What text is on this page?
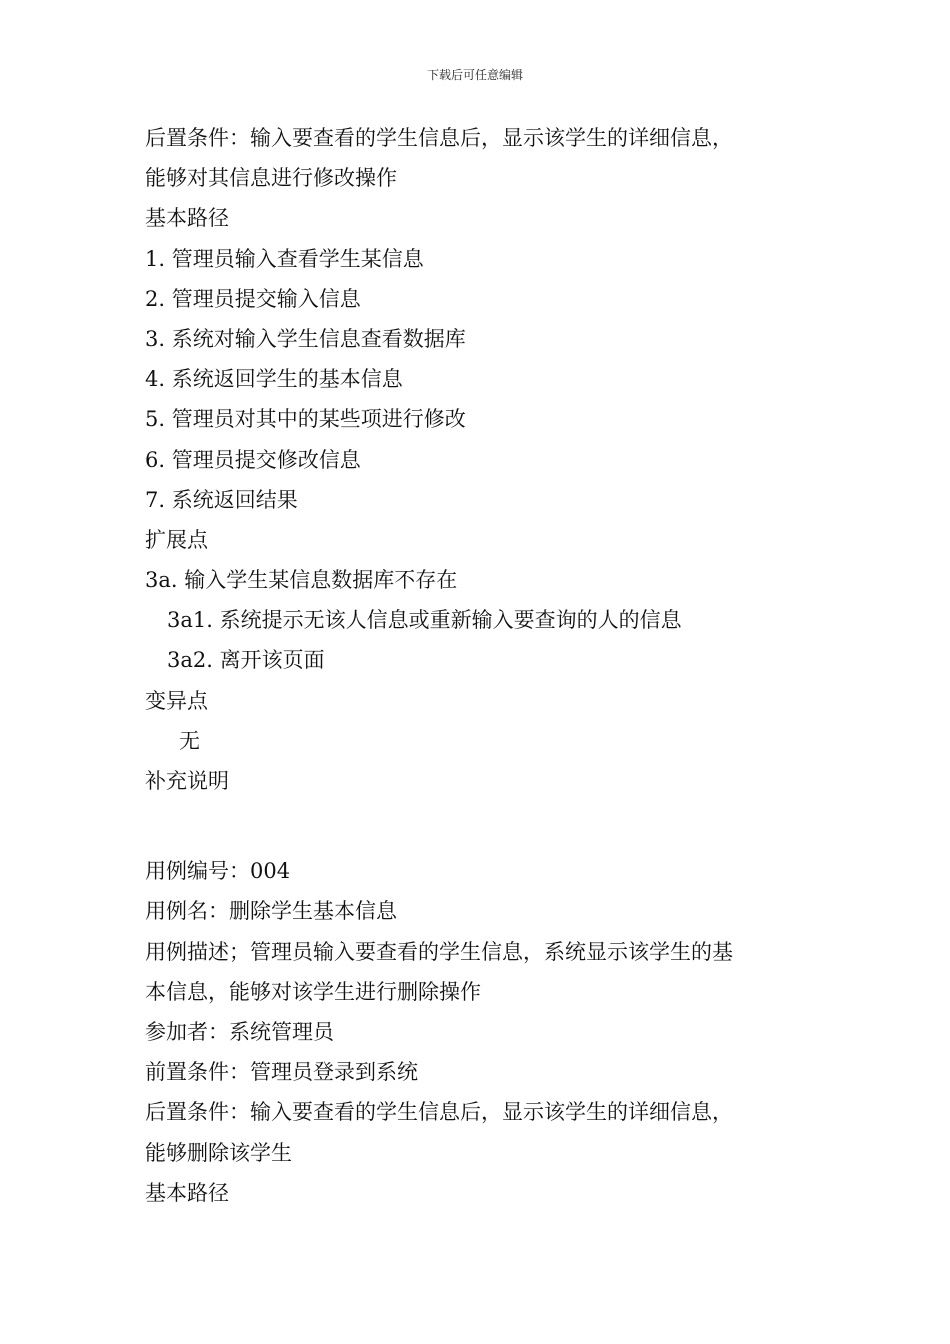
下载后可任意编辑
后置条件：输入要查看的学生信息后，显示该学生的详细信息，
能够对其信息进行修改操作
基本路径
1. 管理员输入查看学生某信息
2. 管理员提交输入信息
3. 系统对输入学生信息查看数据库
4. 系统返回学生的基本信息
5. 管理员对其中的某些项进行修改
6. 管理员提交修改信息
7. 系统返回结果
扩展点
3a. 输入学生某信息数据库不存在
3a1. 系统提示无该人信息或重新输入要查询的人的信息
3a2. 离开该页面
变异点
无
补充说明
用例编号：004
用例名：删除学生基本信息
用例描述；管理员输入要查看的学生信息，系统显示该学生的基
本信息，能够对该学生进行删除操作
参加者：系统管理员
前置条件：管理员登录到系统
后置条件：输入要查看的学生信息后，显示该学生的详细信息，
能够删除该学生
基本路径
